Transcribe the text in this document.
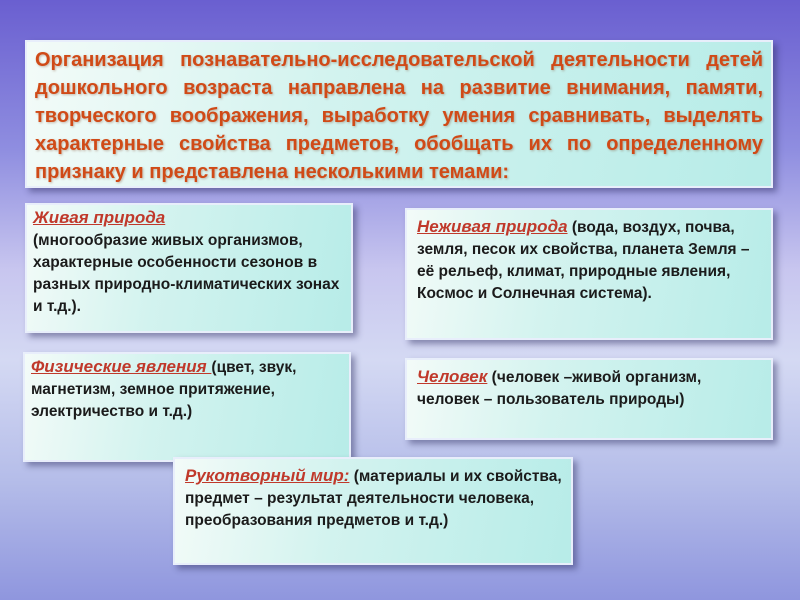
Организация познавательно-исследовательской деятельности детей дошкольного возраста направлена на развитие внимания, памяти, творческого воображения, выработку умения сравнивать, выделять характерные свойства предметов, обобщать их по определенному признаку и представлена несколькими темами:
Живая природа
(многообразие живых организмов, характерные особенности сезонов в разных природно-климатических зонах и т.д.).
Неживая природа (вода, воздух, почва, земля, песок их свойства, планета Земля – её рельеф, климат, природные явления, Космос и Солнечная система).
Физические явления (цвет, звук, магнетизм, земное притяжение, электричество и т.д.)
Человек (человек –живой организм, человек – пользователь природы)
Рукотворный мир: (материалы и их свойства, предмет – результат деятельности человека, преобразования предметов и т.д.)
